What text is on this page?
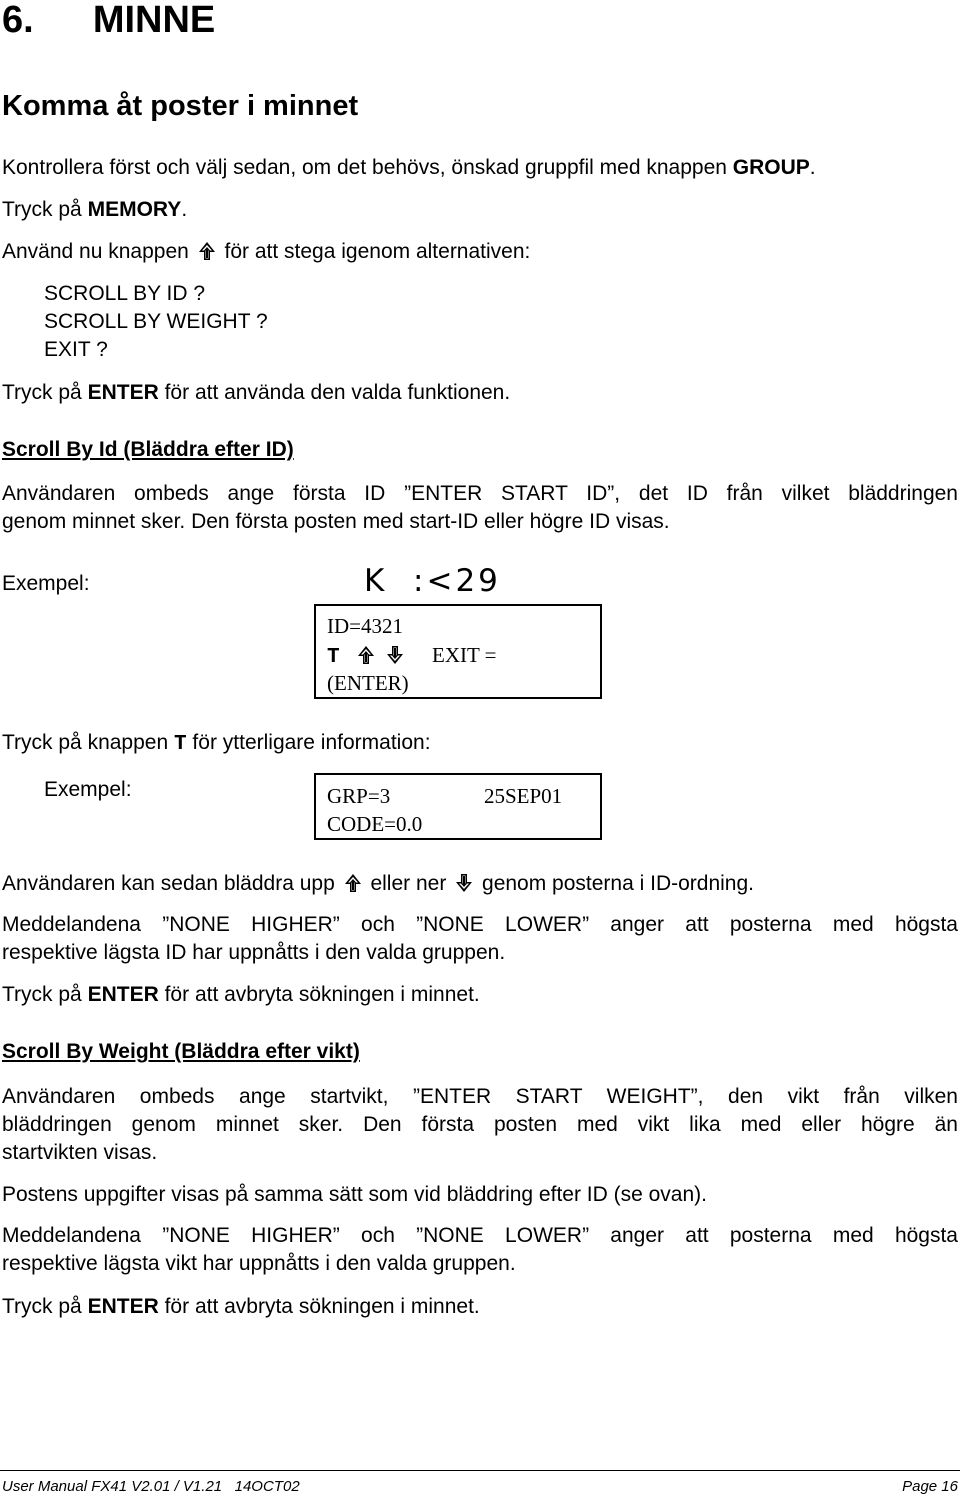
6. MINNE
Komma åt poster i minnet
Kontrollera först och välj sedan, om det behövs, önskad gruppfil med knappen GROUP.
Tryck på MEMORY.
Använd nu knappen för att stega igenom alternativen:
SCROLL BY ID ?
SCROLL BY WEIGHT ?
EXIT ?
Tryck på ENTER för att använda den valda funktionen.
Scroll By Id (Bläddra efter ID)
Användaren ombeds ange första ID ”ENTER START ID”, det ID från vilket bläddringen
genom minnet sker. Den första posten med start-ID eller högre ID visas.
Exempel:	K  :<29
ID=4321
T	EXIT =
(ENTER)
Tryck på knappen T för ytterligare information:
Exempel:	GRP=3	25SEP01
CODE=0.0
Användaren kan sedan bläddra upp eller ner genom posterna i ID-ordning.
Meddelandena ”NONE HIGHER” och ”NONE LOWER” anger att posterna med högsta
respektive lägsta ID har uppnåtts i den valda gruppen.
Tryck på ENTER för att avbryta sökningen i minnet.
Scroll By Weight (Bläddra efter vikt)
Användaren ombeds ange startvikt, ”ENTER START WEIGHT”, den vikt från vilken
bläddringen genom minnet sker. Den första posten med vikt lika med eller högre än
startvikten visas.
Postens uppgifter visas på samma sätt som vid bläddring efter ID (se ovan).
Meddelandena ”NONE HIGHER” och ”NONE LOWER” anger att posterna med högsta
respektive lägsta vikt har uppnåtts i den valda gruppen.
Tryck på ENTER för att avbryta sökningen i minnet.
User Manual FX41 V2.01 / V1.21   14OCT02	Page 16
